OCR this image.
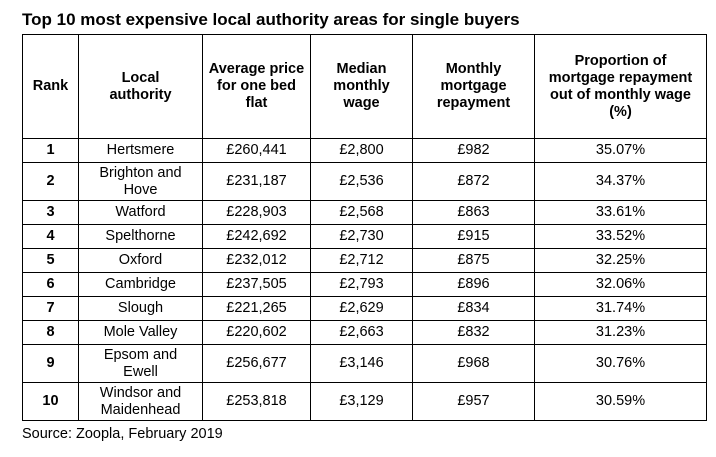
Top 10 most expensive local authority areas for single buyers
Rank	Local authority	Average price for one bed flat	Median monthly wage	Monthly mortgage repayment	Proportion of mortgage repayment out of monthly wage (%)
1	Hertsmere	£260,441	£2,800	£982	35.07%
2	Brighton and Hove	£231,187	£2,536	£872	34.37%
3	Watford	£228,903	£2,568	£863	33.61%
4	Spelthorne	£242,692	£2,730	£915	33.52%
5	Oxford	£232,012	£2,712	£875	32.25%
6	Cambridge	£237,505	£2,793	£896	32.06%
7	Slough	£221,265	£2,629	£834	31.74%
8	Mole Valley	£220,602	£2,663	£832	31.23%
9	Epsom and Ewell	£256,677	£3,146	£968	30.76%
10	Windsor and Maidenhead	£253,818	£3,129	£957	30.59%
Source: Zoopla, February 2019
